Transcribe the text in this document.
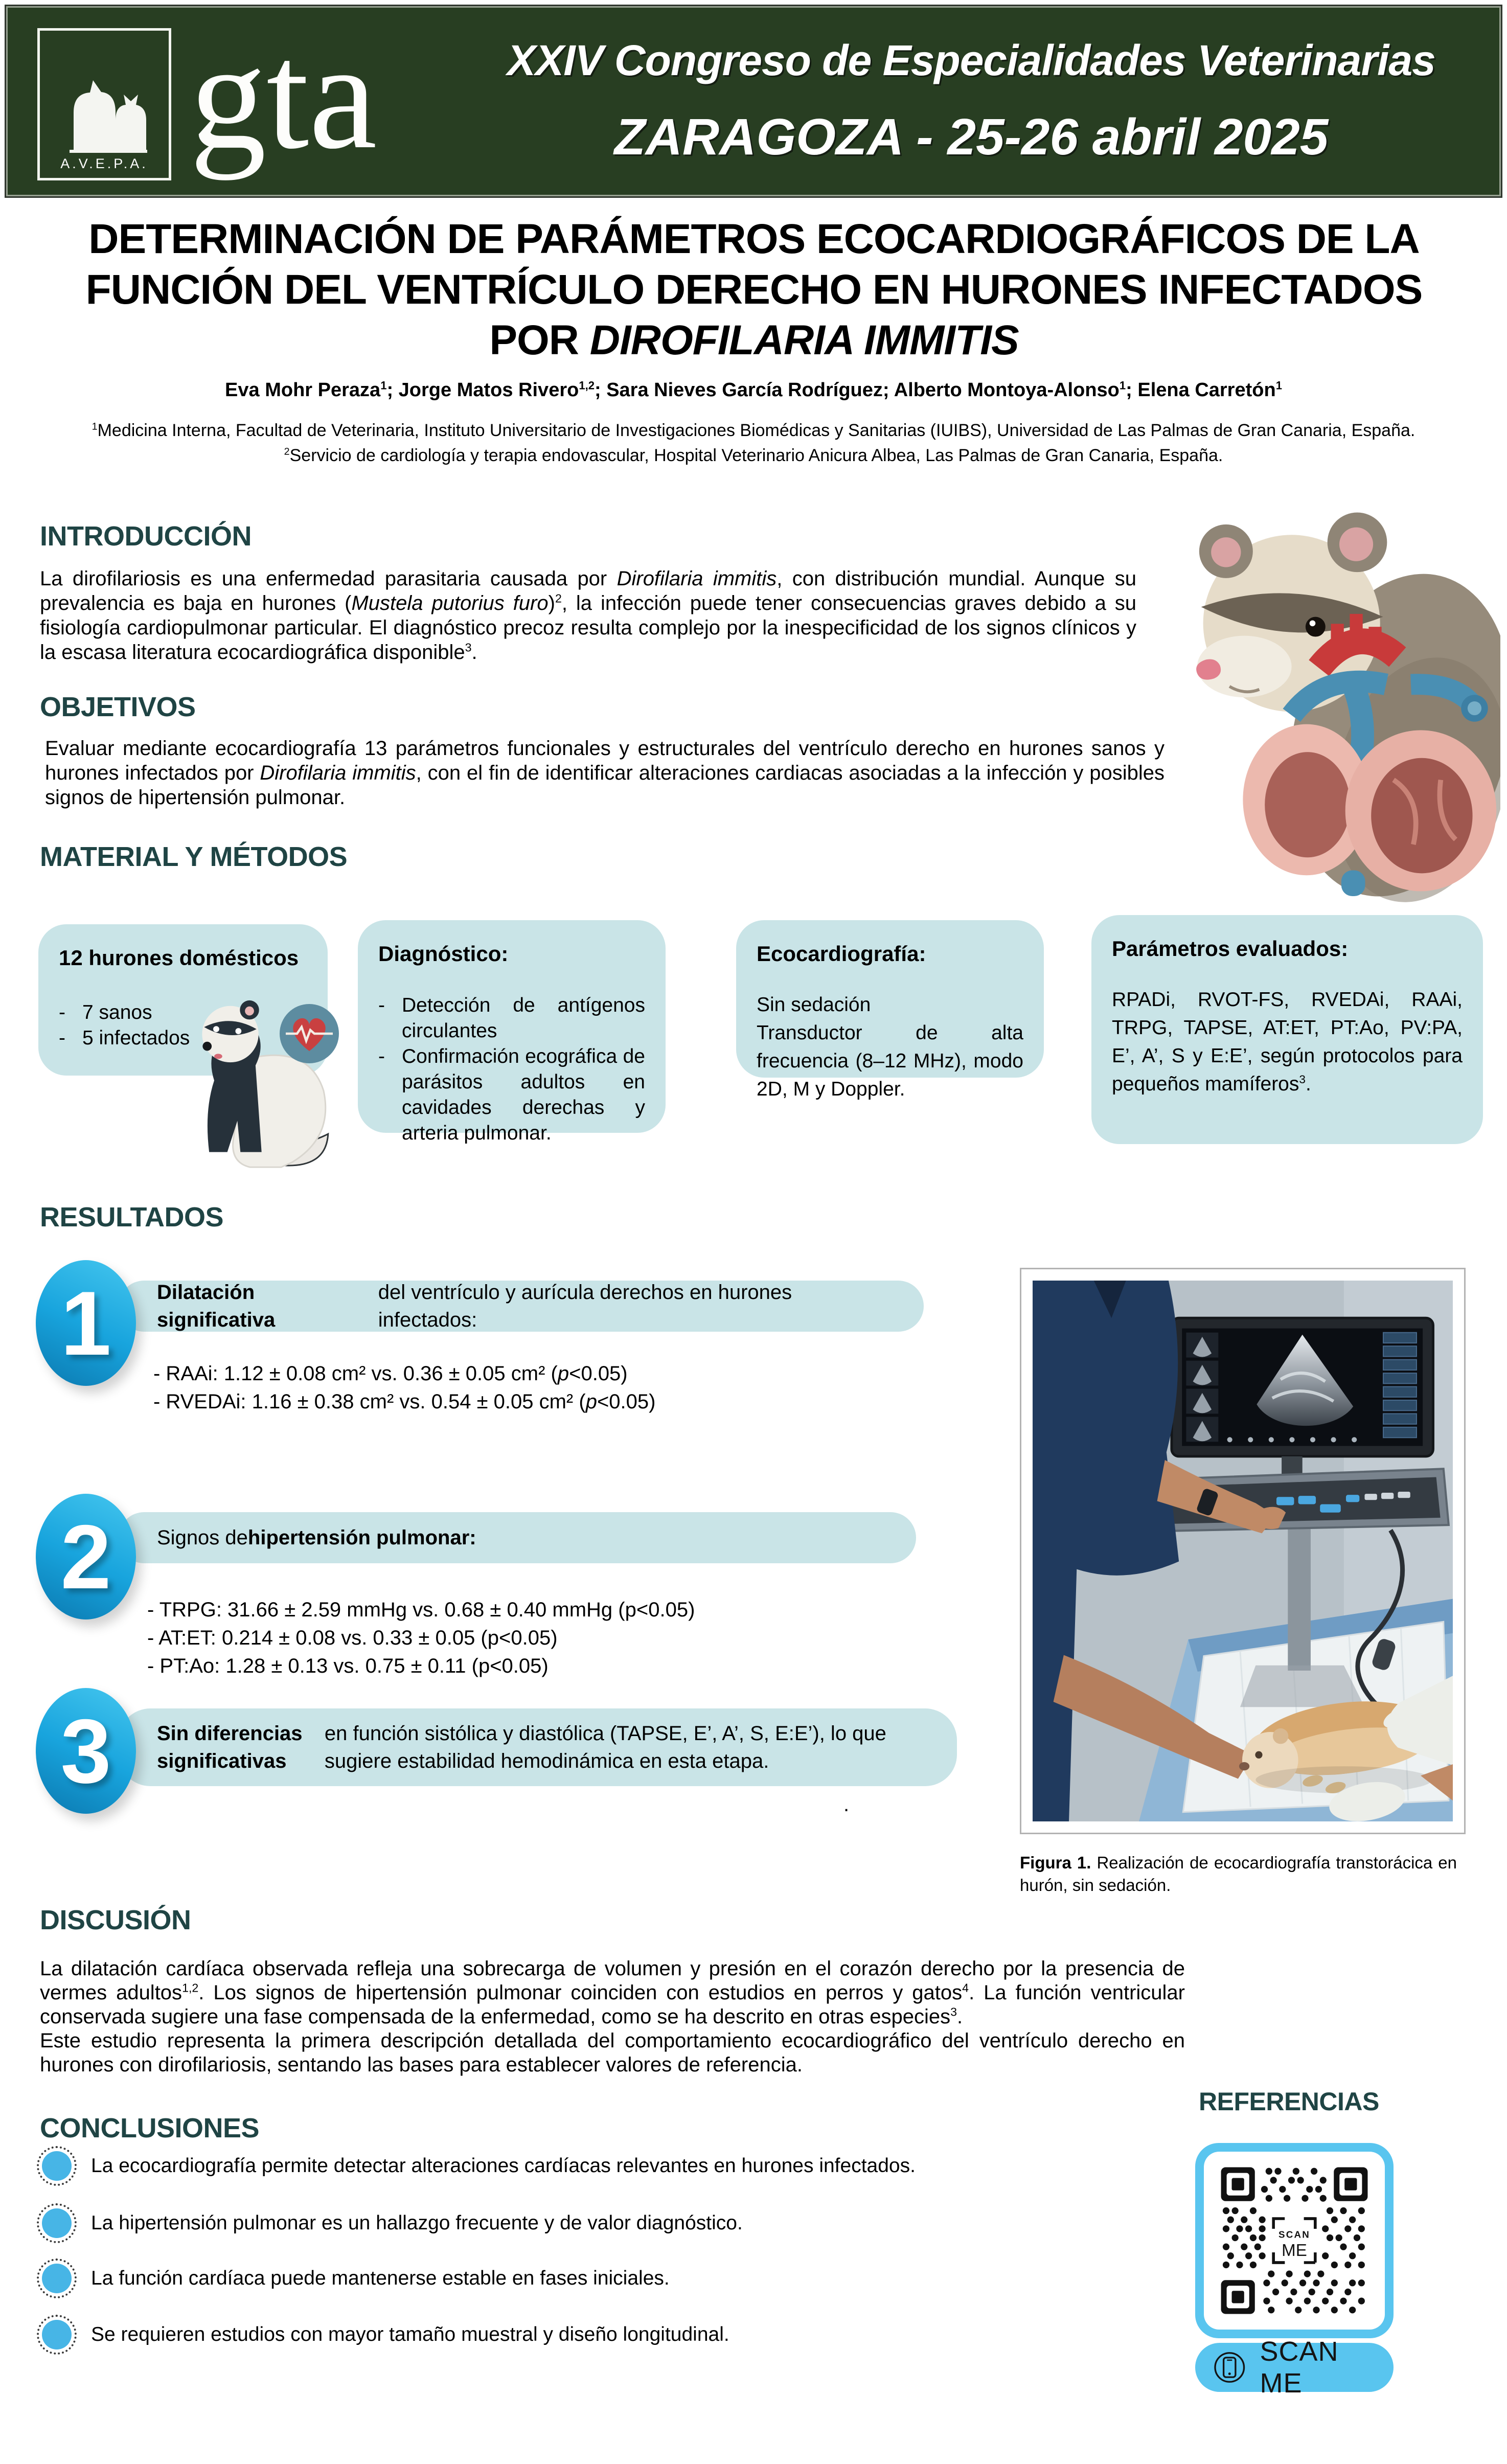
A.V.E.P.A. gta	XXIV Congreso de Especialidades Veterinarias
ZARAGOZA - 25-26 abril 2025
DETERMINACIÓN DE PARÁMETROS ECOCARDIOGRÁFICOS DE LA
FUNCIÓN DEL VENTRÍCULO DERECHO EN HURONES INFECTADOS
POR DIROFILARIA IMMITIS
Eva Mohr Peraza$^1$; Jorge Matos Rivero$^{1,2}$; Sara Nieves García Rodríguez; Alberto Montoya-Alonso$^1$; Elena Carretón$^1$
$^1$Medicina Interna, Facultad de Veterinaria, Instituto Universitario de Investigaciones Biomédicas y Sanitarias (IUIBS), Universidad de Las Palmas de Gran Canaria, España.
$^2$Servicio de cardiología y terapia endovascular, Hospital Veterinario Anicura Albea, Las Palmas de Gran Canaria, España.
INTRODUCCIÓN
La dirofilariosis es una enfermedad parasitaria causada por Dirofilaria immitis, con distribución mundial. Aunque su prevalencia es baja en hurones (Mustela putorius furo)$^2$, la infección puede tener consecuencias graves debido a su fisiología cardiopulmonar particular. El diagnóstico precoz resulta complejo por la inespecificidad de los signos clínicos y la escasa literatura ecocardiográfica disponible$^3$.
OBJETIVOS
Evaluar mediante ecocardiografía 13 parámetros funcionales y estructurales del ventrículo derecho en hurones sanos y hurones infectados por Dirofilaria immitis, con el fin de identificar alteraciones cardiacas asociadas a la infección y posibles signos de hipertensión pulmonar.
MATERIAL Y MÉTODOS
12 hurones domésticos
- 7 sanos
- 5 infectados
Diagnóstico:
- Detección de antígenos circulantes
- Confirmación ecográfica de parásitos adultos en cavidades derechas y arteria pulmonar.
Ecocardiografía:
Sin sedación
Transductor de alta frecuencia (8–12 MHz), modo 2D, M y Doppler.
Parámetros evaluados:
RPADi, RVOT-FS, RVEDAi, RAAi, TRPG, TAPSE, AT:ET, PT:Ao, PV:PA, E’, A’, S y E:E’, según protocolos para pequeños mamíferos$^3$.
RESULTADOS
Dilatación significativa
del ventrículo y aurícula derechos en hurones infectados:
1 - RAAi: 1.12 ± 0.08 cm² vs. 0.36 ± 0.05 cm² (p<0.05)
- RVEDAi: 1.16 ± 0.38 cm² vs. 0.54 ± 0.05 cm² (p<0.05)
Signos de hipertensión pulmonar:
2
- TRPG: 31.66 ± 2.59 mmHg vs. 0.68 ± 0.40 mmHg (p<0.05)
- AT:ET: 0.214 ± 0.08 vs. 0.33 ± 0.05 (p<0.05)
- PT:Ao: 1.28 ± 0.13 vs. 0.75 ± 0.11 (p<0.05)
Sin diferencias significativas
en función sistólica y diastólica (TAPSE, E’, A’, S, E:E’), lo que sugiere estabilidad hemodinámica en esta etapa.
3
.
Figura 1. Realización de ecocardiografía transtorácica en hurón, sin sedación.
DISCUSIÓN
La dilatación cardíaca observada refleja una sobrecarga de volumen y presión en el corazón derecho por la presencia de vermes adultos$^{1,2}$. Los signos de hipertensión pulmonar coinciden con estudios en perros y gatos$^4$. La función ventricular conservada sugiere una fase compensada de la enfermedad, como se ha descrito en otras especies$^3$.
Este estudio representa la primera descripción detallada del comportamiento ecocardiográfico del ventrículo derecho en hurones con dirofilariosis, sentando las bases para establecer valores de referencia.
CONCLUSIONES
La ecocardiografía permite detectar alteraciones cardíacas relevantes en hurones infectados.
La hipertensión pulmonar es un hallazgo frecuente y de valor diagnóstico.
La función cardíaca puede mantenerse estable en fases iniciales.
Se requieren estudios con mayor tamaño muestral y diseño longitudinal.
REFERENCIAS
SCAN
ME
SCAN ME
